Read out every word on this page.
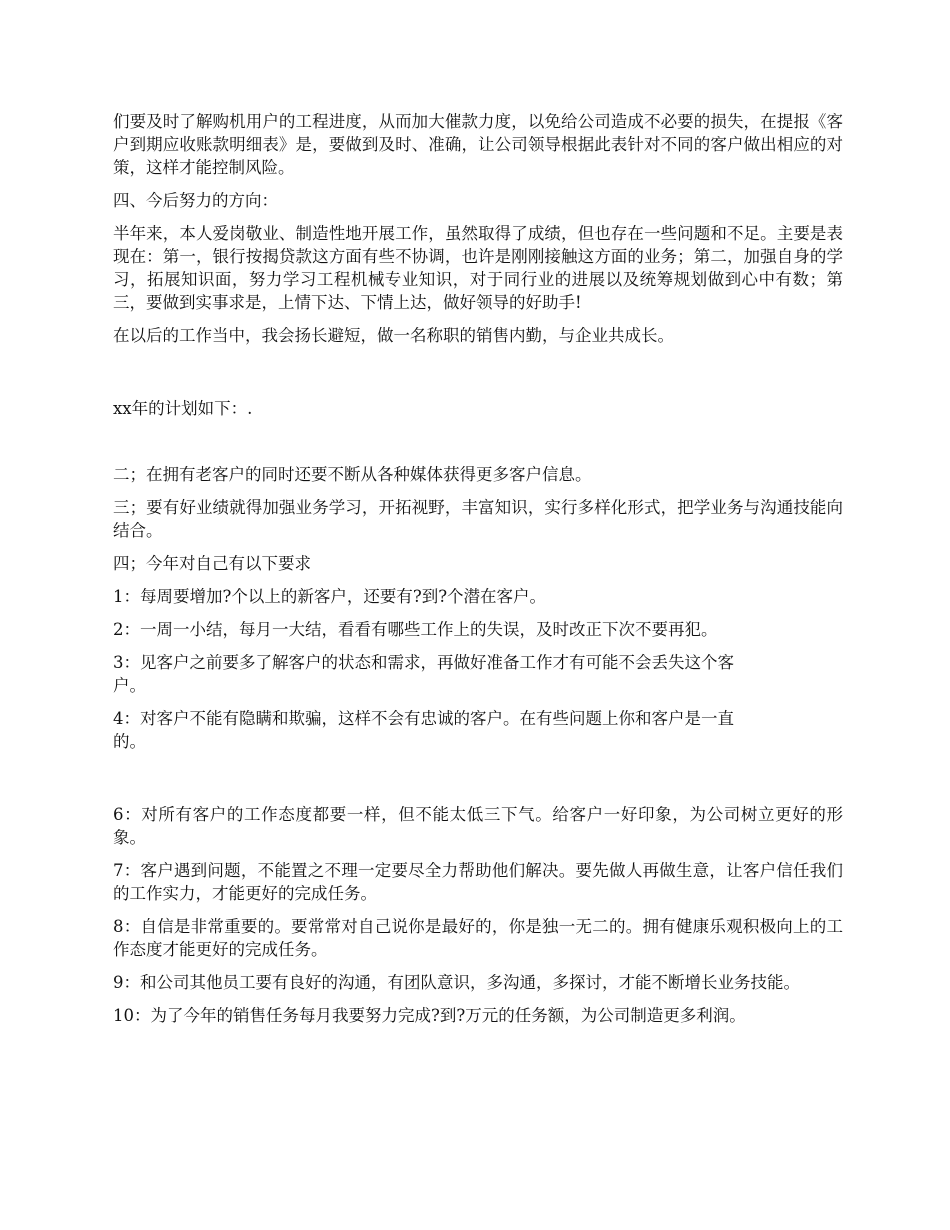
们要及时了解购机用户的工程进度，从而加大催款力度，以免给公司造成不必要的损失，在提报《客户到期应收账款明细表》是，要做到及时、准确，让公司领导根据此表针对不同的客户做出相应的对策，这样才能控制风险。

四、今后努力的方向：

半年来，本人爱岗敬业、制造性地开展工作，虽然取得了成绩，但也存在一些问题和不足。主要是表现在：第一，银行按揭贷款这方面有些不协调，也许是刚刚接触这方面的业务；第二，加强自身的学习，拓展知识面，努力学习工程机械专业知识，对于同行业的进展以及统筹规划做到心中有数；第三，要做到实事求是，上情下达、下情上达，做好领导的好助手!

在以后的工作当中，我会扬长避短，做一名称职的销售内勤，与企业共成长。

xx年的计划如下：.

二；在拥有老客户的同时还要不断从各种媒体获得更多客户信息。

三；要有好业绩就得加强业务学习，开拓视野，丰富知识，实行多样化形式，把学业务与沟通技能向结合。

四；今年对自己有以下要求

1：每周要增加?个以上的新客户，还要有?到?个潜在客户。

2：一周一小结，每月一大结，看看有哪些工作上的失误，及时改正下次不要再犯。

3：见客户之前要多了解客户的状态和需求，再做好准备工作才有可能不会丢失这个客
户。

4：对客户不能有隐瞒和欺骗，这样不会有忠诚的客户。在有些问题上你和客户是一直
的。

6：对所有客户的工作态度都要一样，但不能太低三下气。给客户一好印象，为公司树立更好的形象。

7：客户遇到问题，不能置之不理一定要尽全力帮助他们解决。要先做人再做生意，让客户信任我们的工作实力，才能更好的完成任务。

8：自信是非常重要的。要常常对自己说你是最好的，你是独一无二的。拥有健康乐观积极向上的工作态度才能更好的完成任务。

9：和公司其他员工要有良好的沟通，有团队意识，多沟通，多探讨，才能不断增长业务技能。

10：为了今年的销售任务每月我要努力完成?到?万元的任务额，为公司制造更多利润。
